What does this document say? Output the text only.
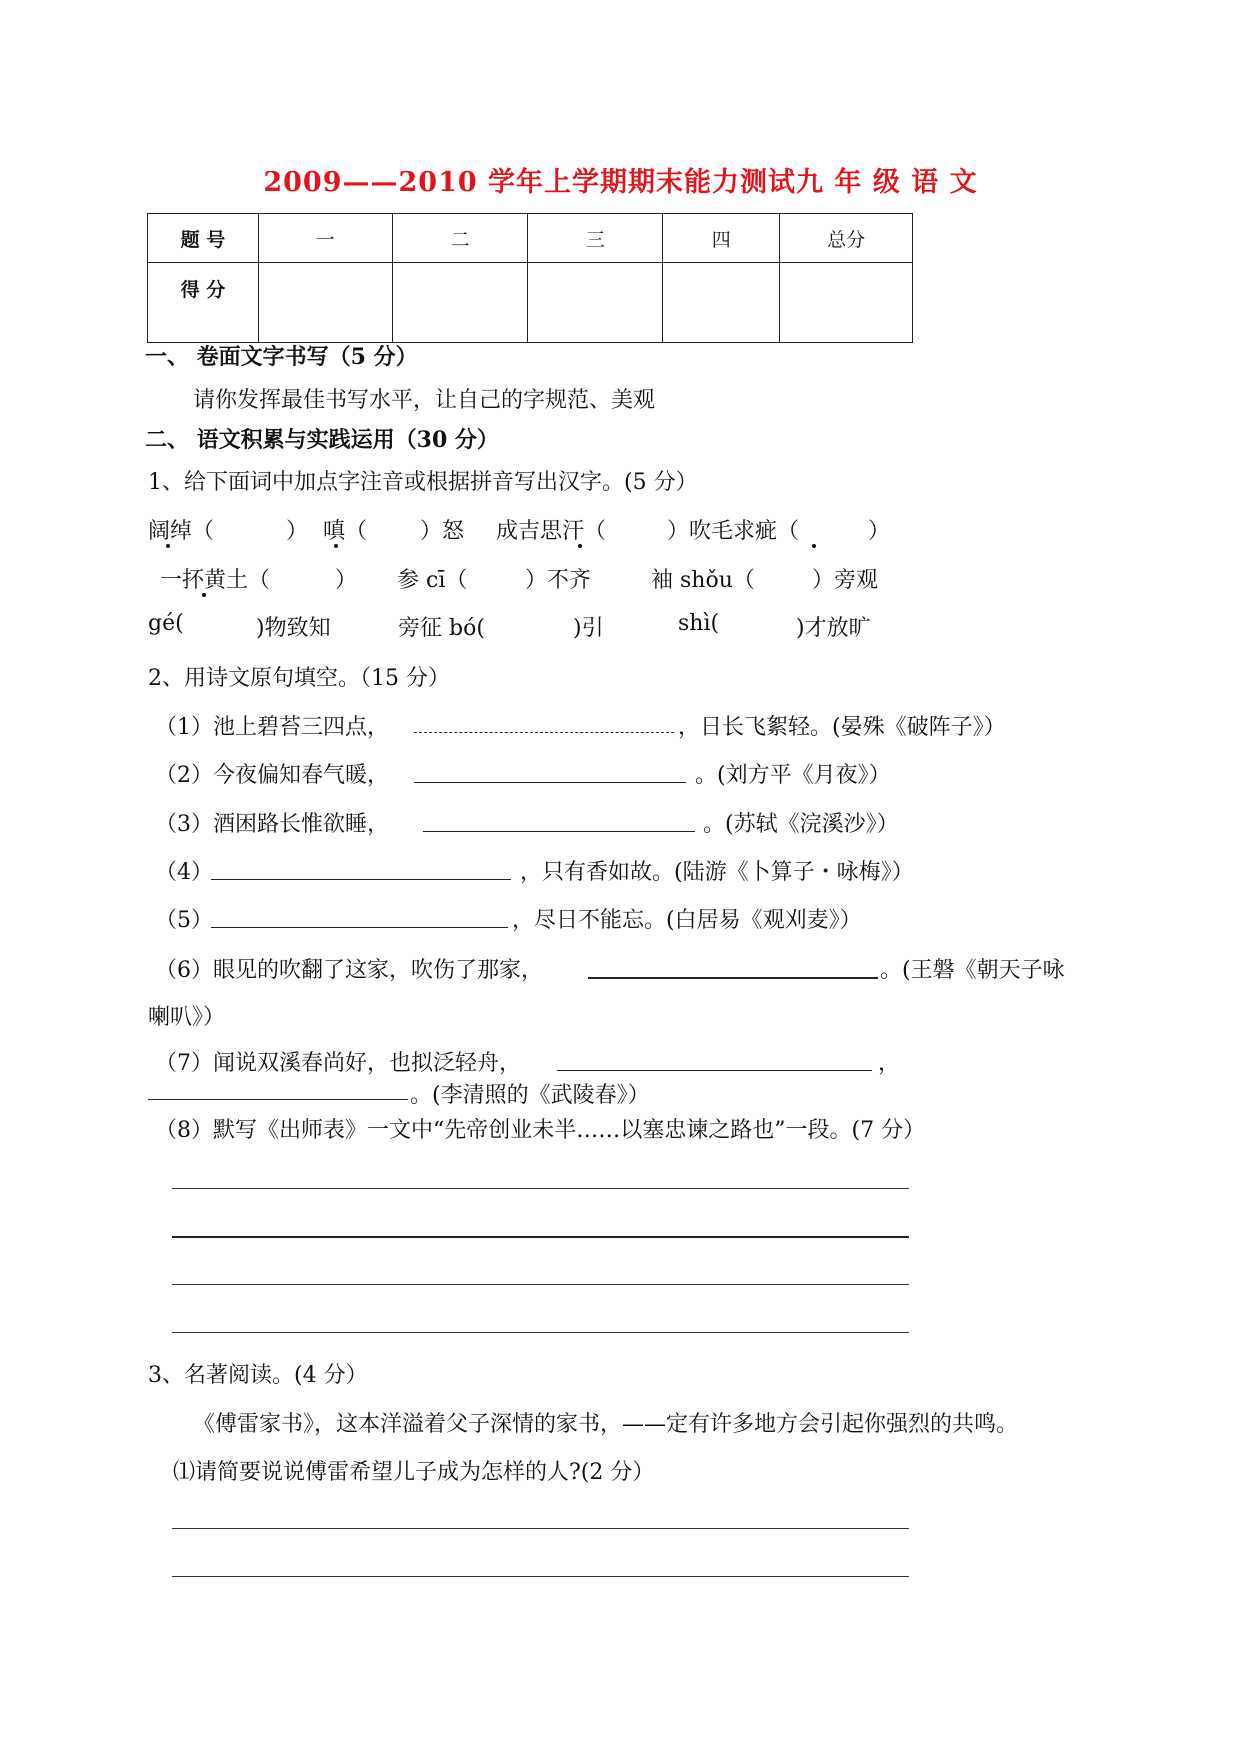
2009——2010 学年上学期期末能力测试九 年 级 语 文
题 号	一	二	三	四	总分
得 分					
一、 卷面文字书写（5 分）
请你发挥最佳书写水平，让自己的字规范、美观
二、 语文积累与实践运用（30 分）
1、给下面词中加点字注音或根据拼音写出汉字。(5 分）
阔绰（	） 嗔（ ）怒 成吉思汗（	）吹毛求疵（	）
一抔黄土（	） 参 cī（	）不齐	袖 shǒu（	）旁观
gé(	)物致知	旁征 bó(	)引	shì(	)才放旷
2、用诗文原句填空。（15 分）
（1）池上碧苔三四点，	，日长飞絮轻。(晏殊《破阵子》）
（2）今夜偏知春气暖，	。(刘方平《月夜》）
（3）酒困路长惟欲睡，	。(苏轼《浣溪沙》）
（4）	，只有香如故。(陆游《卜算子・咏梅》）
（5）	，尽日不能忘。(白居易《观刈麦》）
（6）眼见的吹翻了这家，吹伤了那家，	。(王磐《朝天子咏
喇叭》）
（7）闻说双溪春尚好，也拟泛轻舟，	，
。(李清照的《武陵春》）
（8）默写《出师表》一文中“先帝创业未半……以塞忠谏之路也”一段。(7 分）
3、名著阅读。(4 分）
《傅雷家书》，这本洋溢着父子深情的家书，——定有许多地方会引起你强烈的共鸣。
⑴请简要说说傅雷希望儿子成为怎样的人?(2 分）
